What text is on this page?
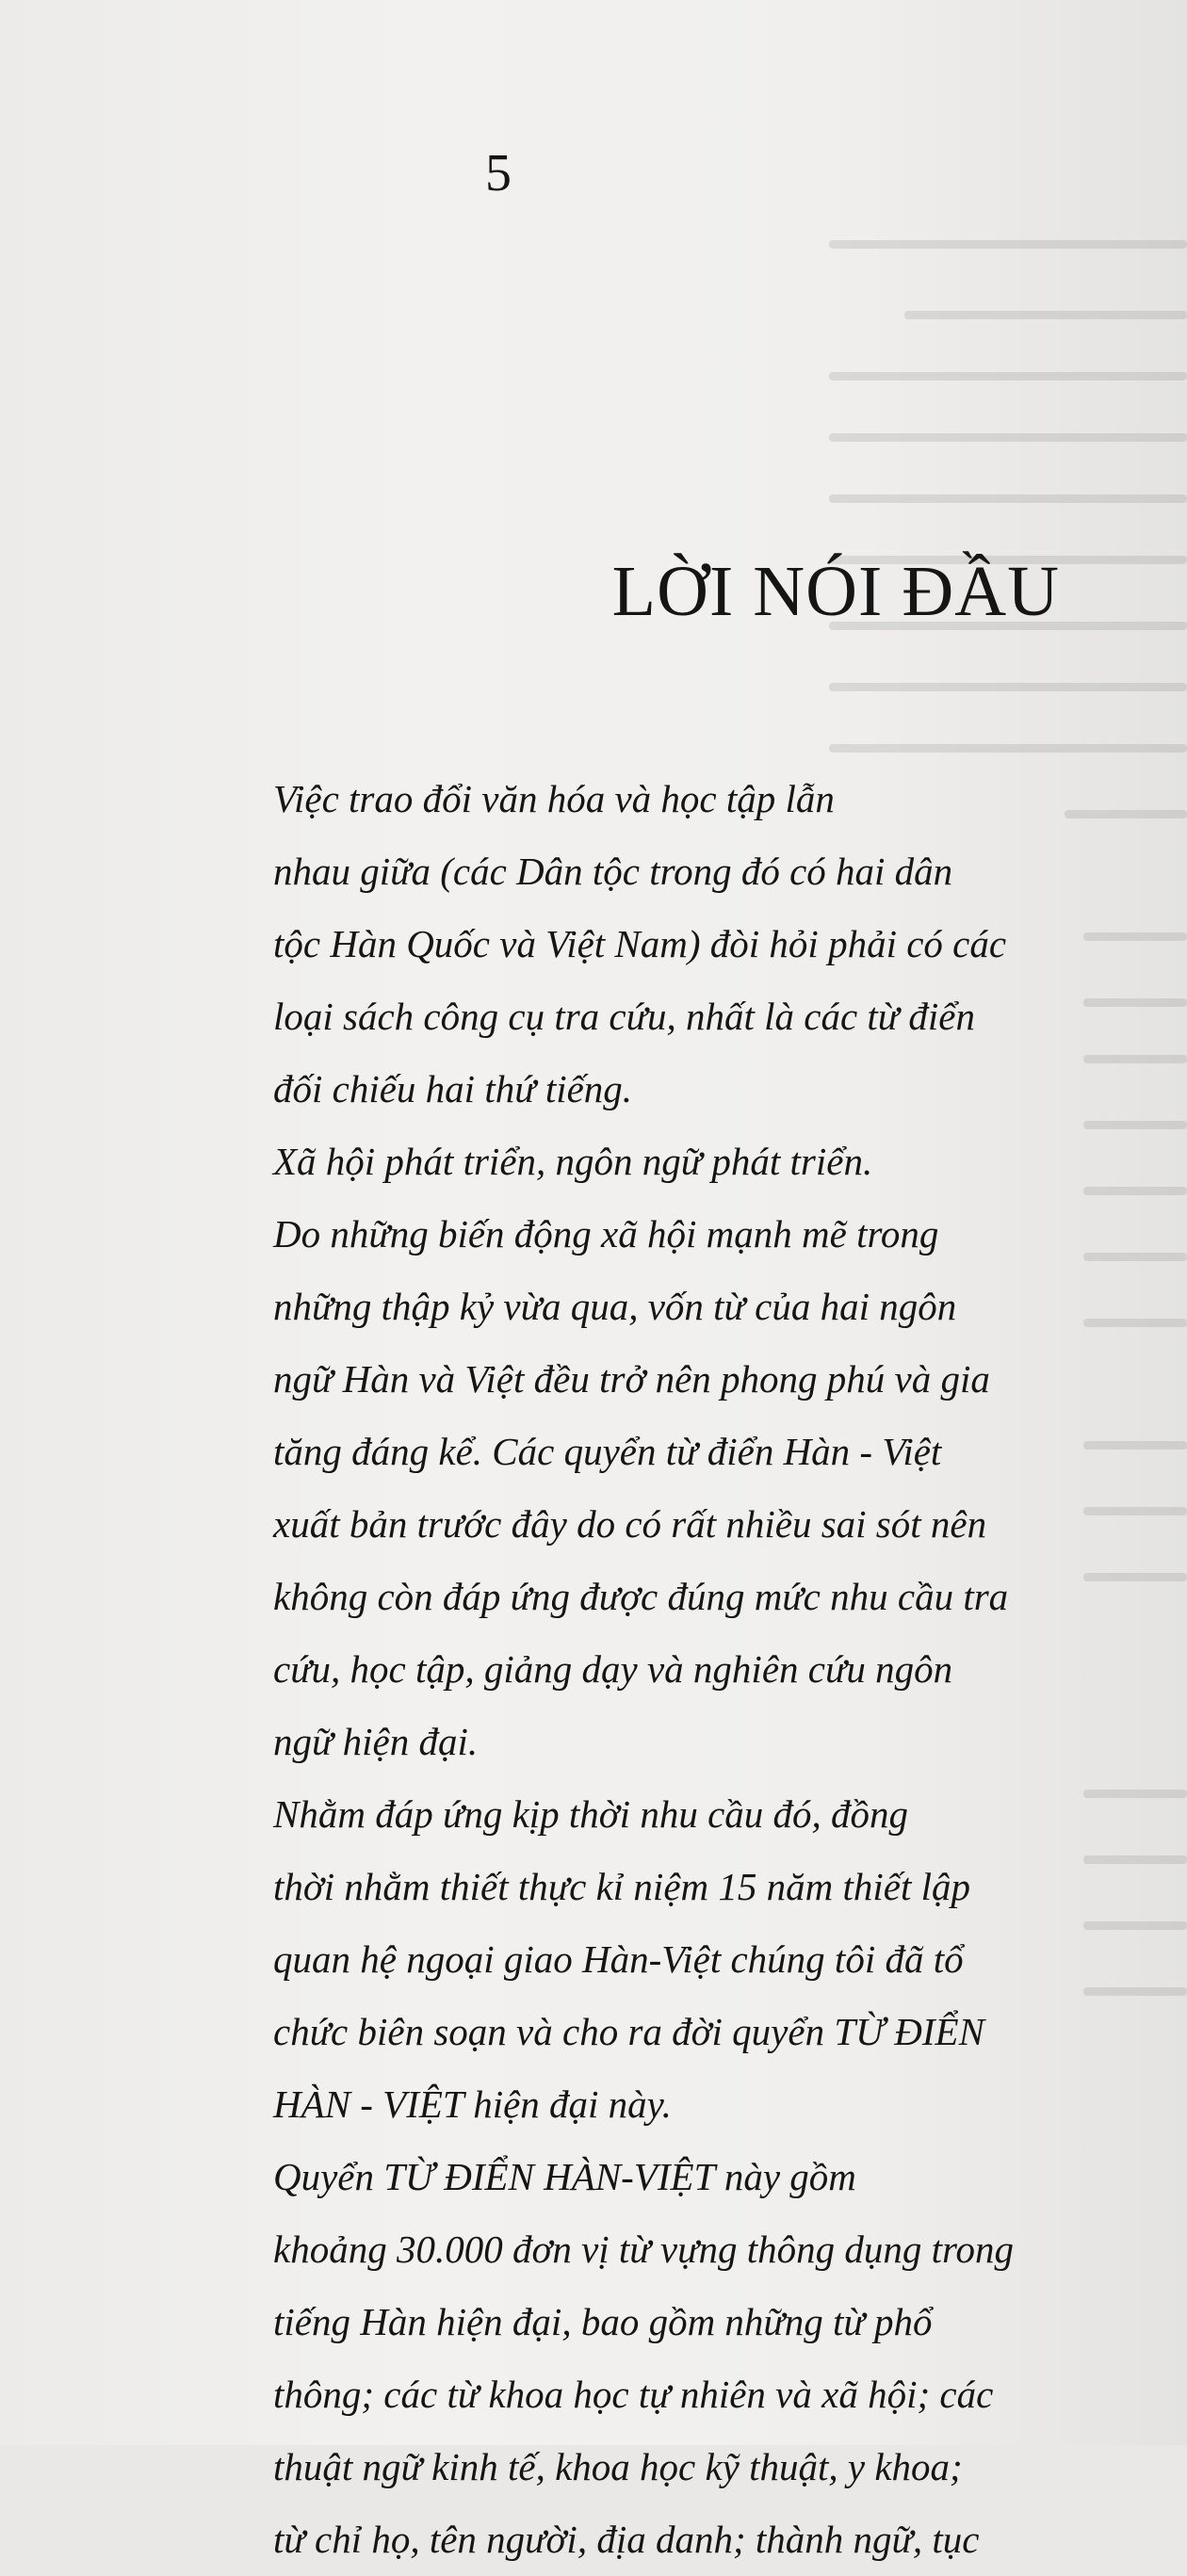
5
LỜI NÓI ĐẦU
Việc trao đổi văn hóa và học tập lẫn
nhau giữa (các Dân tộc trong đó có hai dân
tộc Hàn Quốc và Việt Nam) đòi hỏi phải có các
loại sách công cụ tra cứu, nhất là các từ điển
đối chiếu hai thứ tiếng.
Xã hội phát triển, ngôn ngữ phát triển.
Do những biến động xã hội mạnh mẽ trong
những thập kỷ vừa qua, vốn từ của hai ngôn
ngữ Hàn và Việt đều trở nên phong phú và gia
tăng đáng kể. Các quyển từ điển Hàn - Việt
xuất bản trước đây do có rất nhiều sai sót nên
không còn đáp ứng được đúng mức nhu cầu tra
cứu, học tập, giảng dạy và nghiên cứu ngôn
ngữ hiện đại.
Nhằm đáp ứng kịp thời nhu cầu đó, đồng
thời nhằm thiết thực kỉ niệm 15 năm thiết lập
quan hệ ngoại giao Hàn-Việt chúng tôi đã tổ
chức biên soạn và cho ra đời quyển TỪ ĐIỂN
HÀN - VIỆT hiện đại này.
Quyển TỪ ĐIỂN HÀN-VIỆT này gồm
khoảng 30.000 đơn vị từ vựng thông dụng trong
tiếng Hàn hiện đại, bao gồm những từ phổ
thông; các từ khoa học tự nhiên và xã hội; các
thuật ngữ kinh tế, khoa học kỹ thuật, y khoa;
từ chỉ họ, tên người, địa danh; thành ngữ, tục
